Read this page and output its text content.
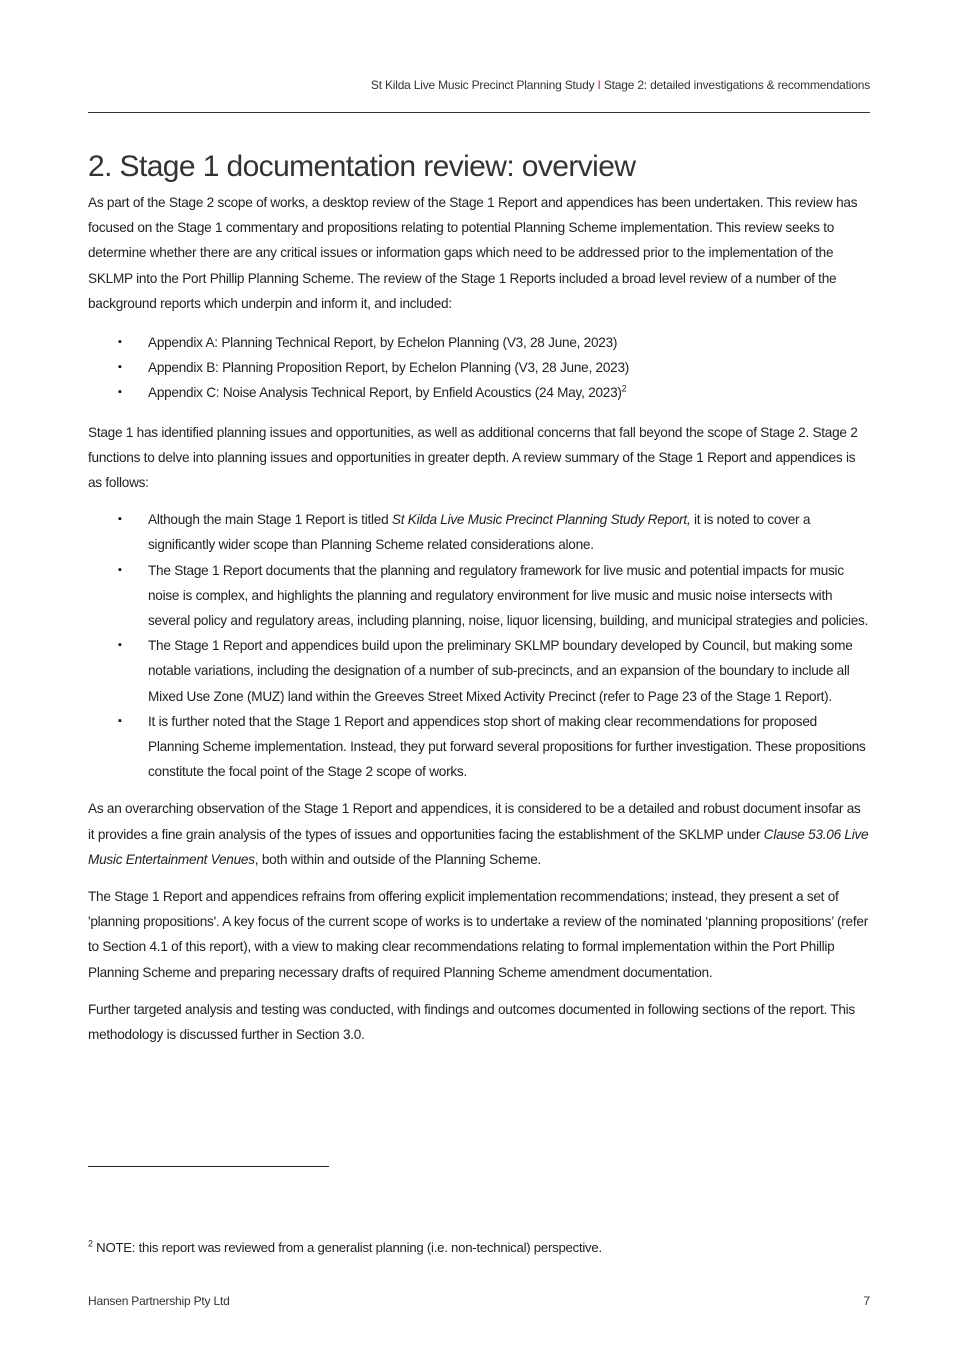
St Kilda Live Music Precinct Planning Study I Stage 2: detailed investigations & recommendations
2. Stage 1 documentation review: overview

As part of the Stage 2 scope of works, a desktop review of the Stage 1 Report and appendices has been undertaken. This review has focused on the Stage 1 commentary and propositions relating to potential Planning Scheme implementation. This review seeks to determine whether there are any critical issues or information gaps which need to be addressed prior to the implementation of the SKLMP into the Port Phillip Planning Scheme. The review of the Stage 1 Reports included a broad level review of a number of the background reports which underpin and inform it, and included:

▪ Appendix A: Planning Technical Report, by Echelon Planning (V3, 28 June, 2023)
▪ Appendix B: Planning Proposition Report, by Echelon Planning (V3, 28 June, 2023)
▪ Appendix C: Noise Analysis Technical Report, by Enfield Acoustics (24 May, 2023)$^2$

Stage 1 has identified planning issues and opportunities, as well as additional concerns that fall beyond the scope of Stage 2. Stage 2 functions to delve into planning issues and opportunities in greater depth. A review summary of the Stage 1 Report and appendices is as follows:

▪ Although the main Stage 1 Report is titled St Kilda Live Music Precinct Planning Study Report, it is noted to cover a significantly wider scope than Planning Scheme related considerations alone.
▪ The Stage 1 Report documents that the planning and regulatory framework for live music and potential impacts for music noise is complex, and highlights the planning and regulatory environment for live music and music noise intersects with several policy and regulatory areas, including planning, noise, liquor licensing, building, and municipal strategies and policies.
▪ The Stage 1 Report and appendices build upon the preliminary SKLMP boundary developed by Council, but making some notable variations, including the designation of a number of sub-precincts, and an expansion of the boundary to include all Mixed Use Zone (MUZ) land within the Greeves Street Mixed Activity Precinct (refer to Page 23 of the Stage 1 Report).
▪ It is further noted that the Stage 1 Report and appendices stop short of making clear recommendations for proposed Planning Scheme implementation. Instead, they put forward several propositions for further investigation. These propositions constitute the focal point of the Stage 2 scope of works.

As an overarching observation of the Stage 1 Report and appendices, it is considered to be a detailed and robust document insofar as it provides a fine grain analysis of the types of issues and opportunities facing the establishment of the SKLMP under Clause 53.06 Live Music Entertainment Venues, both within and outside of the Planning Scheme.

The Stage 1 Report and appendices refrains from offering explicit implementation recommendations; instead, they present a set of 'planning propositions'. A key focus of the current scope of works is to undertake a review of the nominated ‘planning propositions’ (refer to Section 4.1 of this report), with a view to making clear recommendations relating to formal implementation within the Port Phillip Planning Scheme and preparing necessary drafts of required Planning Scheme amendment documentation.

Further targeted analysis and testing was conducted, with findings and outcomes documented in following sections of the report. This methodology is discussed further in Section 3.0.

$^2$ NOTE: this report was reviewed from a generalist planning (i.e. non-technical) perspective.
Hansen Partnership Pty Ltd	7
